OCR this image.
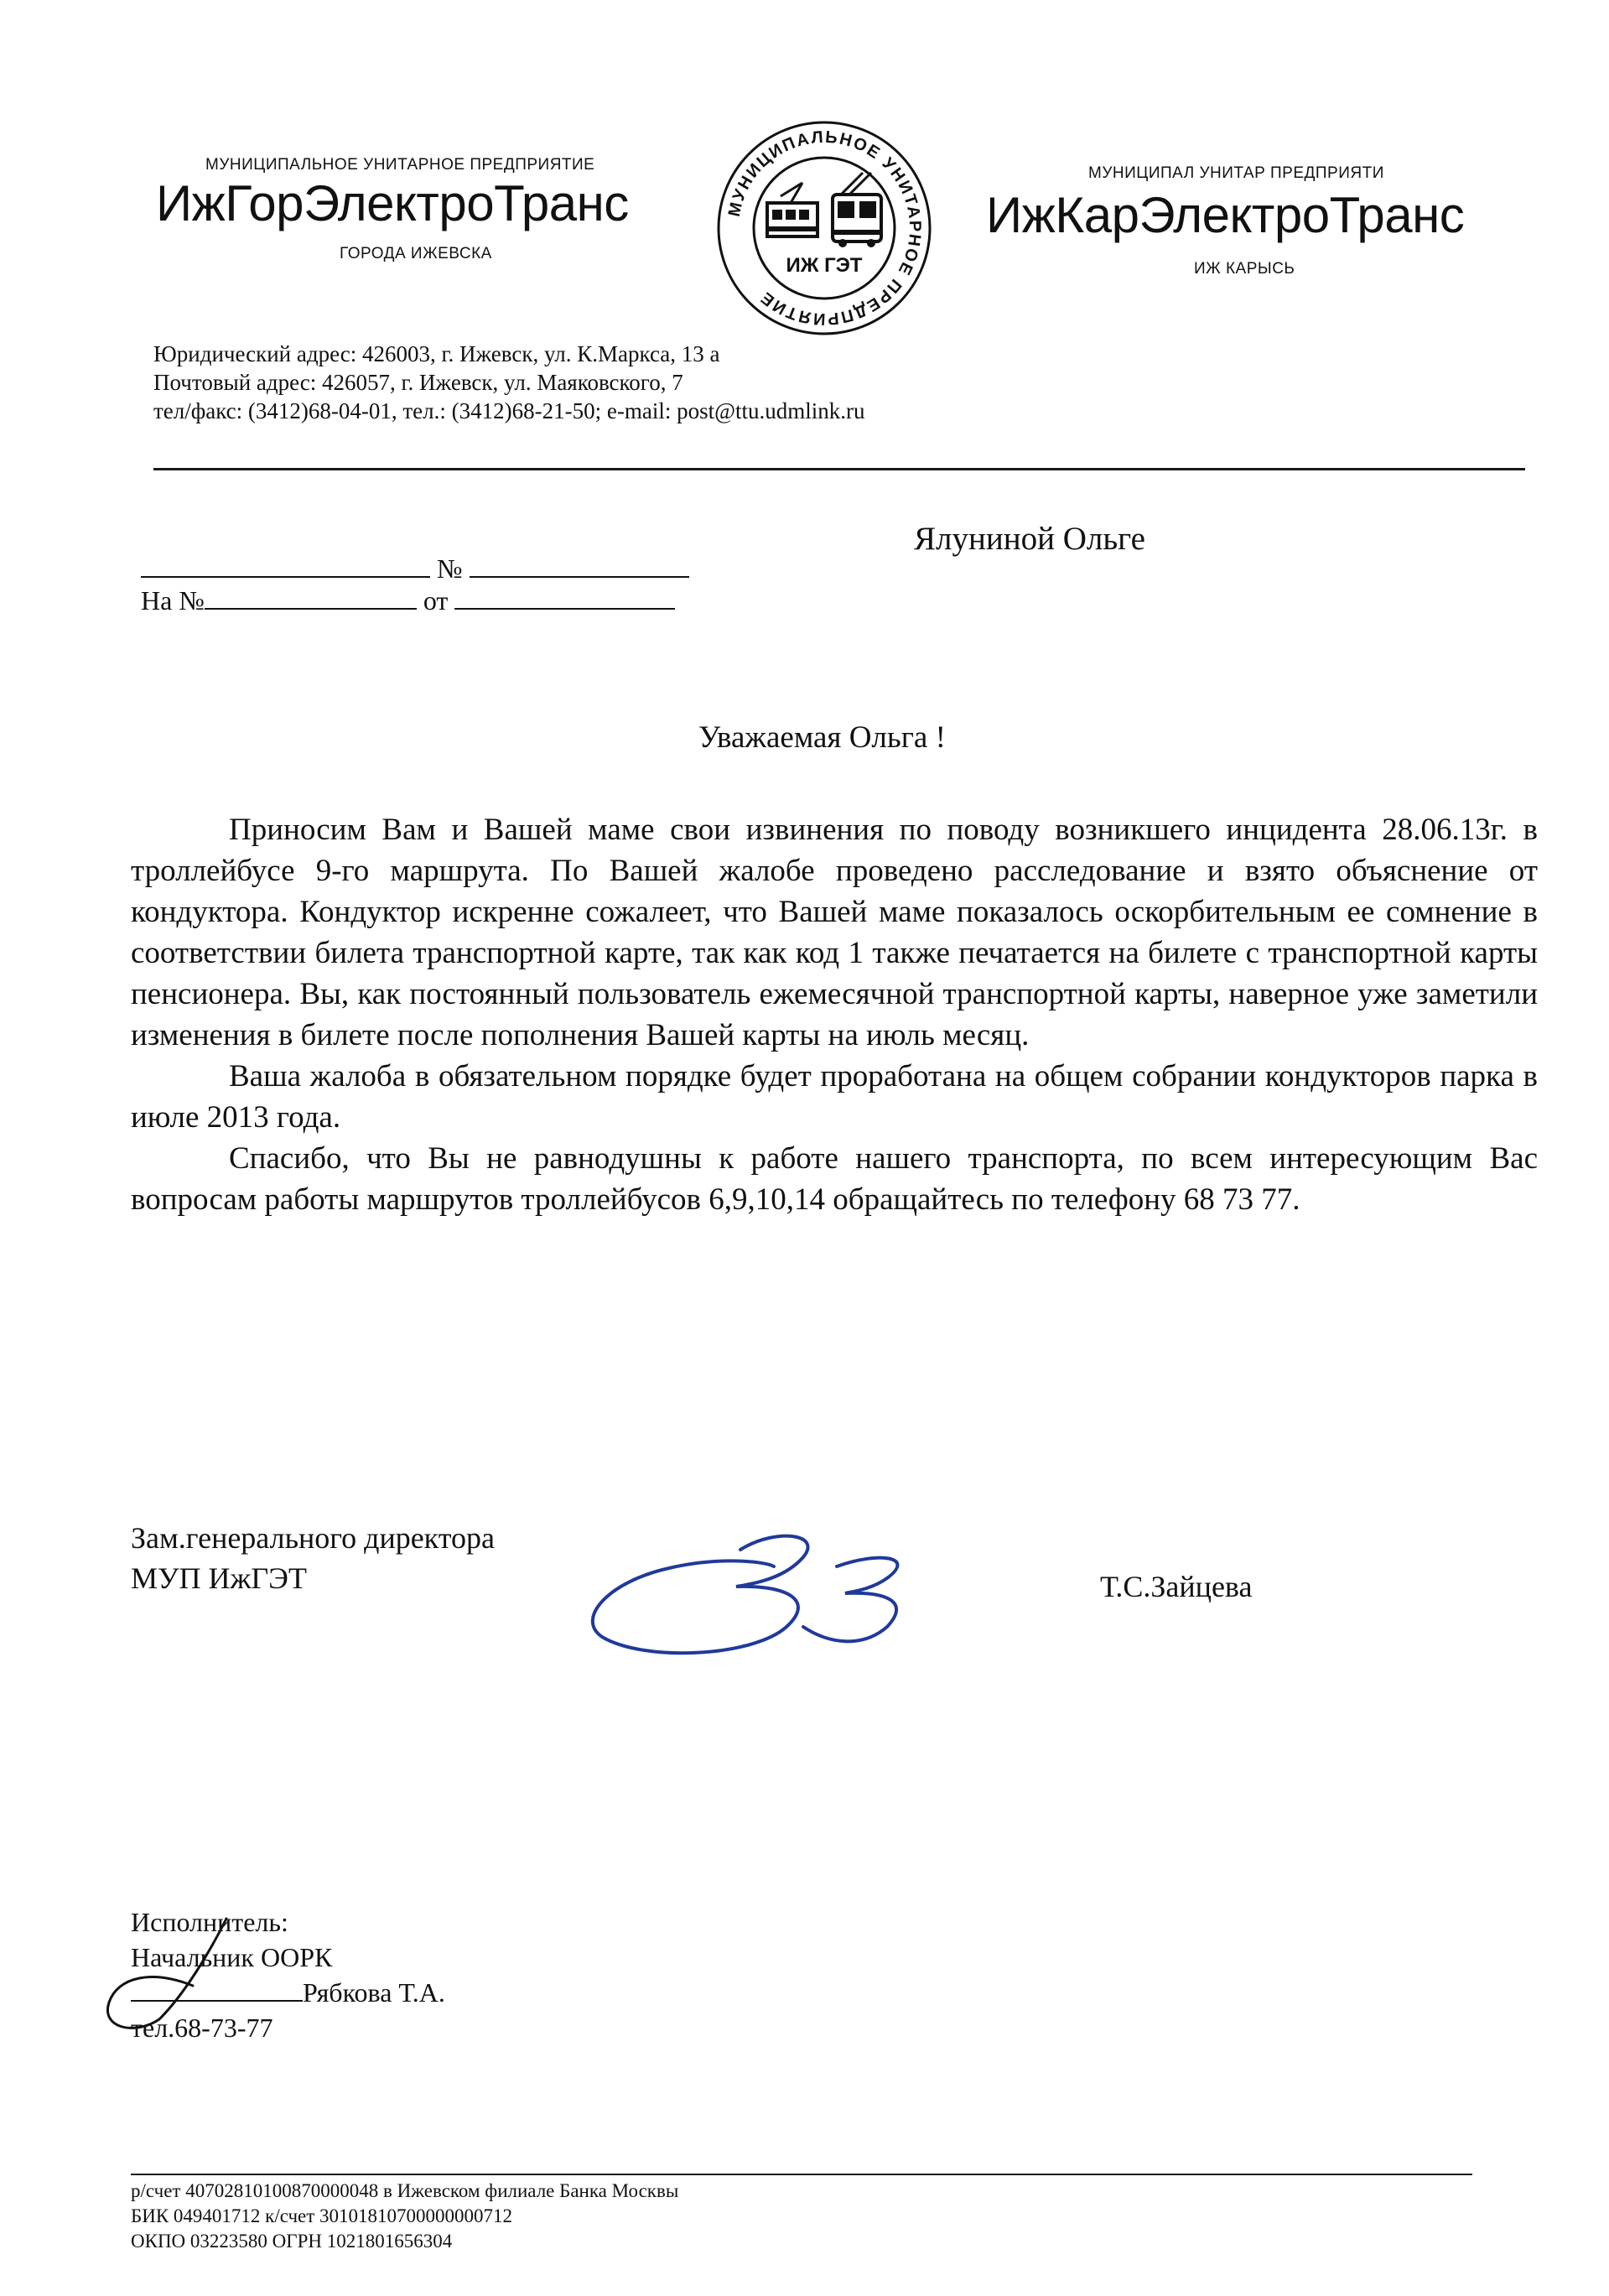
МУНИЦИПАЛЬНОЕ УНИТАРНОЕ ПРЕДПРИЯТИЕ
ИжГорЭлектроТранс
ГОРОДА ИЖЕВСКА
МУНИЦИПАЛЬНОЕ УНИТАРНОЕ ПРЕДПРИЯТИЕ
ИЖ ГЭТ
МУНИЦИПАЛ УНИТАР ПРЕДПРИЯТИ
ИжКарЭлектроТранс
ИЖ КАРЫСЬ
Юридический адрес: 426003, г. Ижевск, ул. К.Маркса, 13 а
Почтовый адрес: 426057, г. Ижевск, ул. Маяковского, 7
тел/факс: (3412)68-04-01, тел.: (3412)68-21-50; e-mail: post@ttu.udmlink.ru
№
На №	от
Ялуниной Ольге
Уважаемая Ольга !

Приносим Вам и Вашей маме свои извинения по поводу возникшего инцидента 28.06.13г. в троллейбусе 9-го маршрута. По Вашей жалобе проведено расследование и взято объяснение от кондуктора. Кондуктор искренне сожалеет, что Вашей маме показалось оскорбительным ее сомнение в соответствии билета транспортной карте, так как код 1 также печатается на билете с транспортной карты пенсионера. Вы, как постоянный пользователь ежемесячной транспортной карты, наверное уже заметили изменения в билете после пополнения Вашей карты на июль месяц.

Ваша жалоба в обязательном порядке будет проработана на общем собрании кондукторов парка в июле 2013 года.

Спасибо, что Вы не равнодушны к работе нашего транспорта, по всем интересующим Вас вопросам работы маршрутов троллейбусов 6,9,10,14 обращайтесь по телефону 68 73 77.

Зам.генерального директора
МУП ИжГЭТ	Т.С.Зайцева
Исполнитель:
Начальник ООРК
Рябкова Т.А.
тел.68-73-77
р/счет 40702810100870000048 в Ижевском филиале Банка Москвы
БИК 049401712 к/счет 30101810700000000712
ОКПО 03223580 ОГРН 1021801656304
